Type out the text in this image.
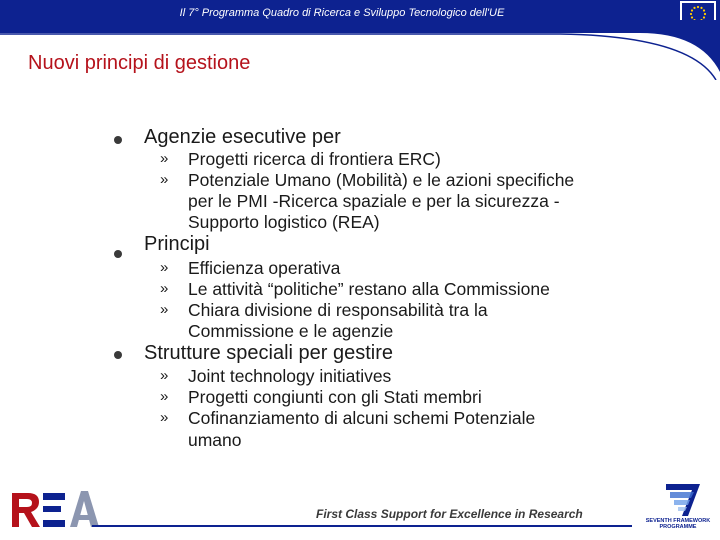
Il 7° Programma Quadro di Ricerca e Sviluppo Tecnologico dell'UE
Nuovi principi di gestione
Agenzie esecutive per
» Progetti ricerca di frontiera ERC)
» Potenziale Umano (Mobilità) e le azioni specifiche
per le PMI -Ricerca spaziale e per la sicurezza -
Supporto logistico (REA)
Principi
» Efficienza operativa
» Le attività “politiche” restano alla Commissione
» Chiara divisione di responsabilità tra la
Commissione e le agenzie
Strutture speciali per gestire
» Joint technology initiatives
» Progetti congiunti con gli Stati membri
» Cofinanziamento di alcuni schemi Potenziale
umano
First Class Support for Excellence in Research	SEVENTH FRAMEWORK
PROGRAMME
